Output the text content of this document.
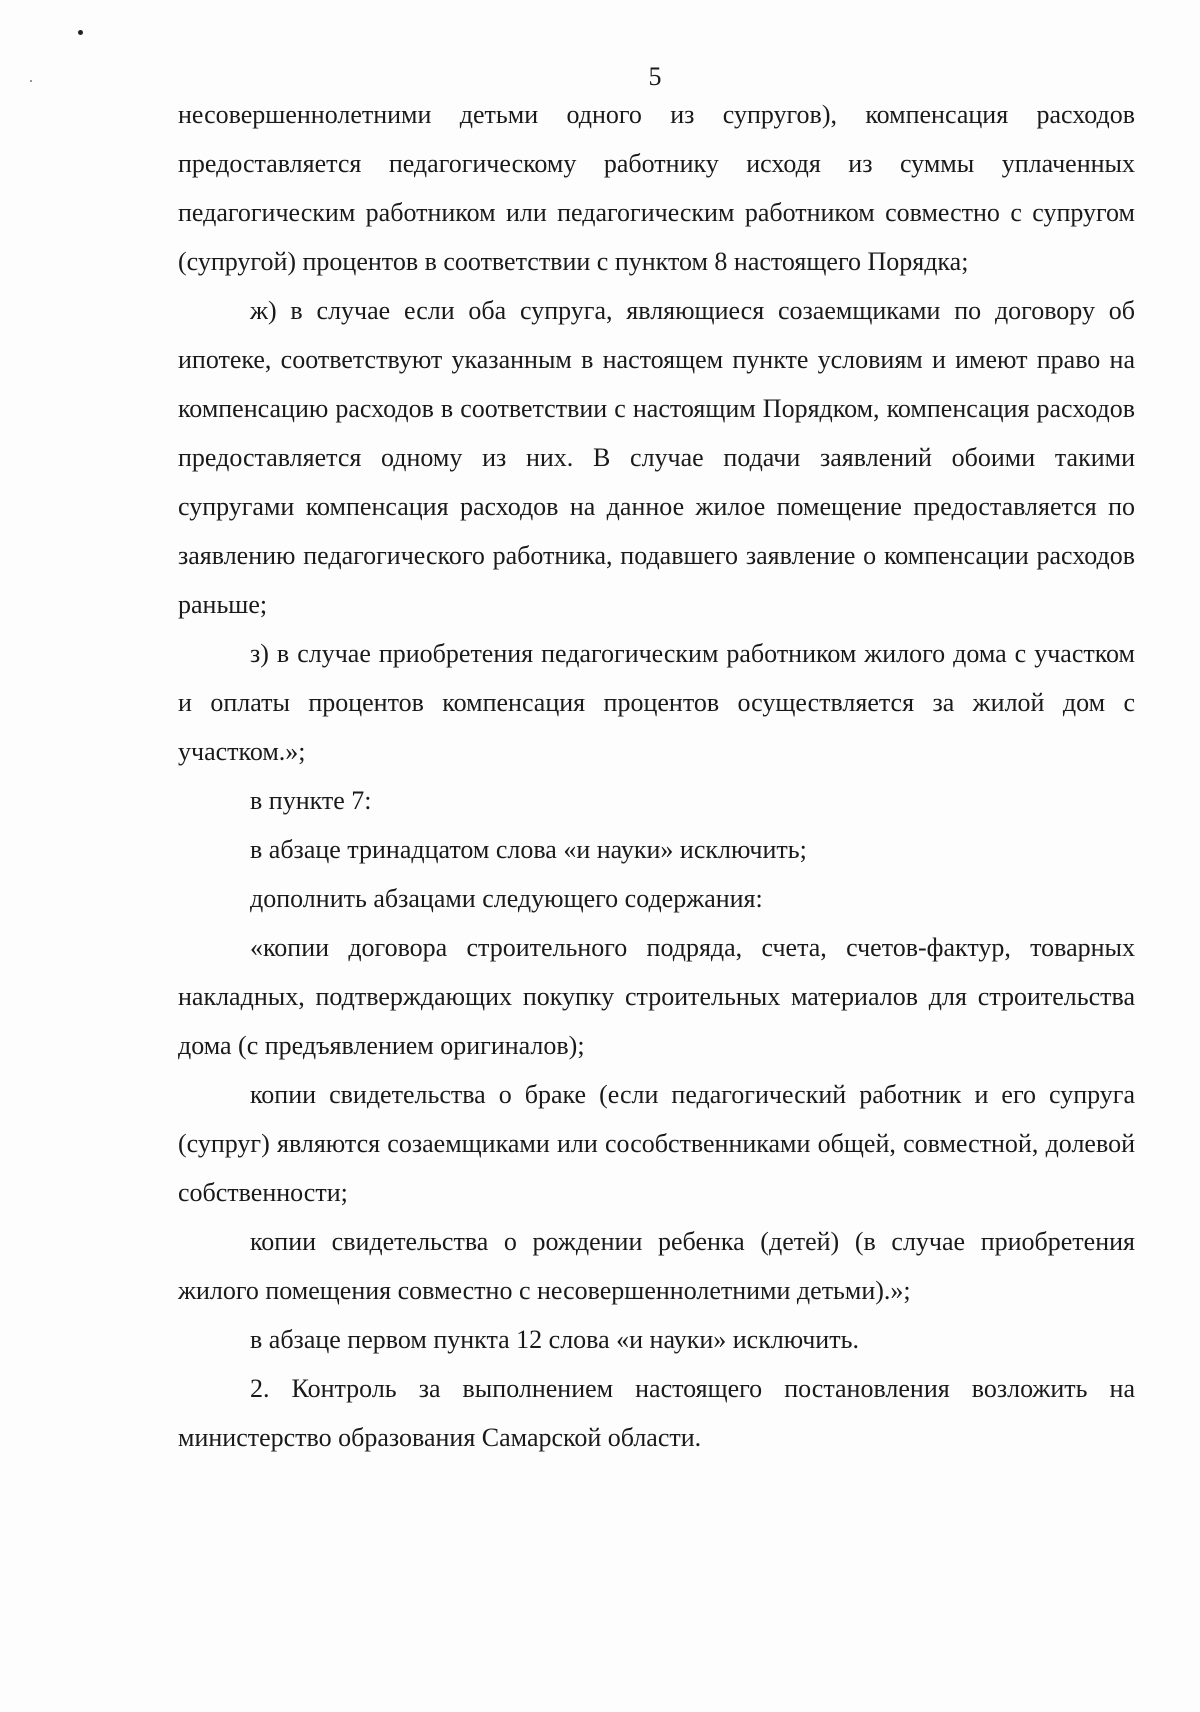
5

несовершеннолетними детьми одного из супругов), компенсация расходов предоставляется педагогическому работнику исходя из суммы уплаченных педагогическим работником или педагогическим работником совместно с супругом (супругой) процентов в соответствии с пунктом 8 настоящего Порядка;

ж) в случае если оба супруга, являющиеся созаемщиками по договору об ипотеке, соответствуют указанным в настоящем пункте условиям и имеют право на компенсацию расходов в соответствии с настоящим Порядком, компенсация расходов предоставляется одному из них. В случае подачи заявлений обоими такими супругами компенсация расходов на данное жилое помещение предоставляется по заявлению педагогического работника, подавшего заявление о компенсации расходов раньше;

з) в случае приобретения педагогическим работником жилого дома с участком и оплаты процентов компенсация процентов осуществляется за жилой дом с участком.»;

в пункте 7:

в абзаце тринадцатом слова «и науки» исключить;

дополнить абзацами следующего содержания:

«копии договора строительного подряда, счета, счетов-фактур, товарных накладных, подтверждающих покупку строительных материалов для строительства дома (с предъявлением оригиналов);

копии свидетельства о браке (если педагогический работник и его супруга (супруг) являются созаемщиками или сособственниками общей, совместной, долевой собственности;

копии свидетельства о рождении ребенка (детей) (в случае приобретения жилого помещения совместно с несовершеннолетними детьми).»;

в абзаце первом пункта 12 слова «и науки» исключить.

2. Контроль за выполнением настоящего постановления возложить на министерство образования Самарской области.
